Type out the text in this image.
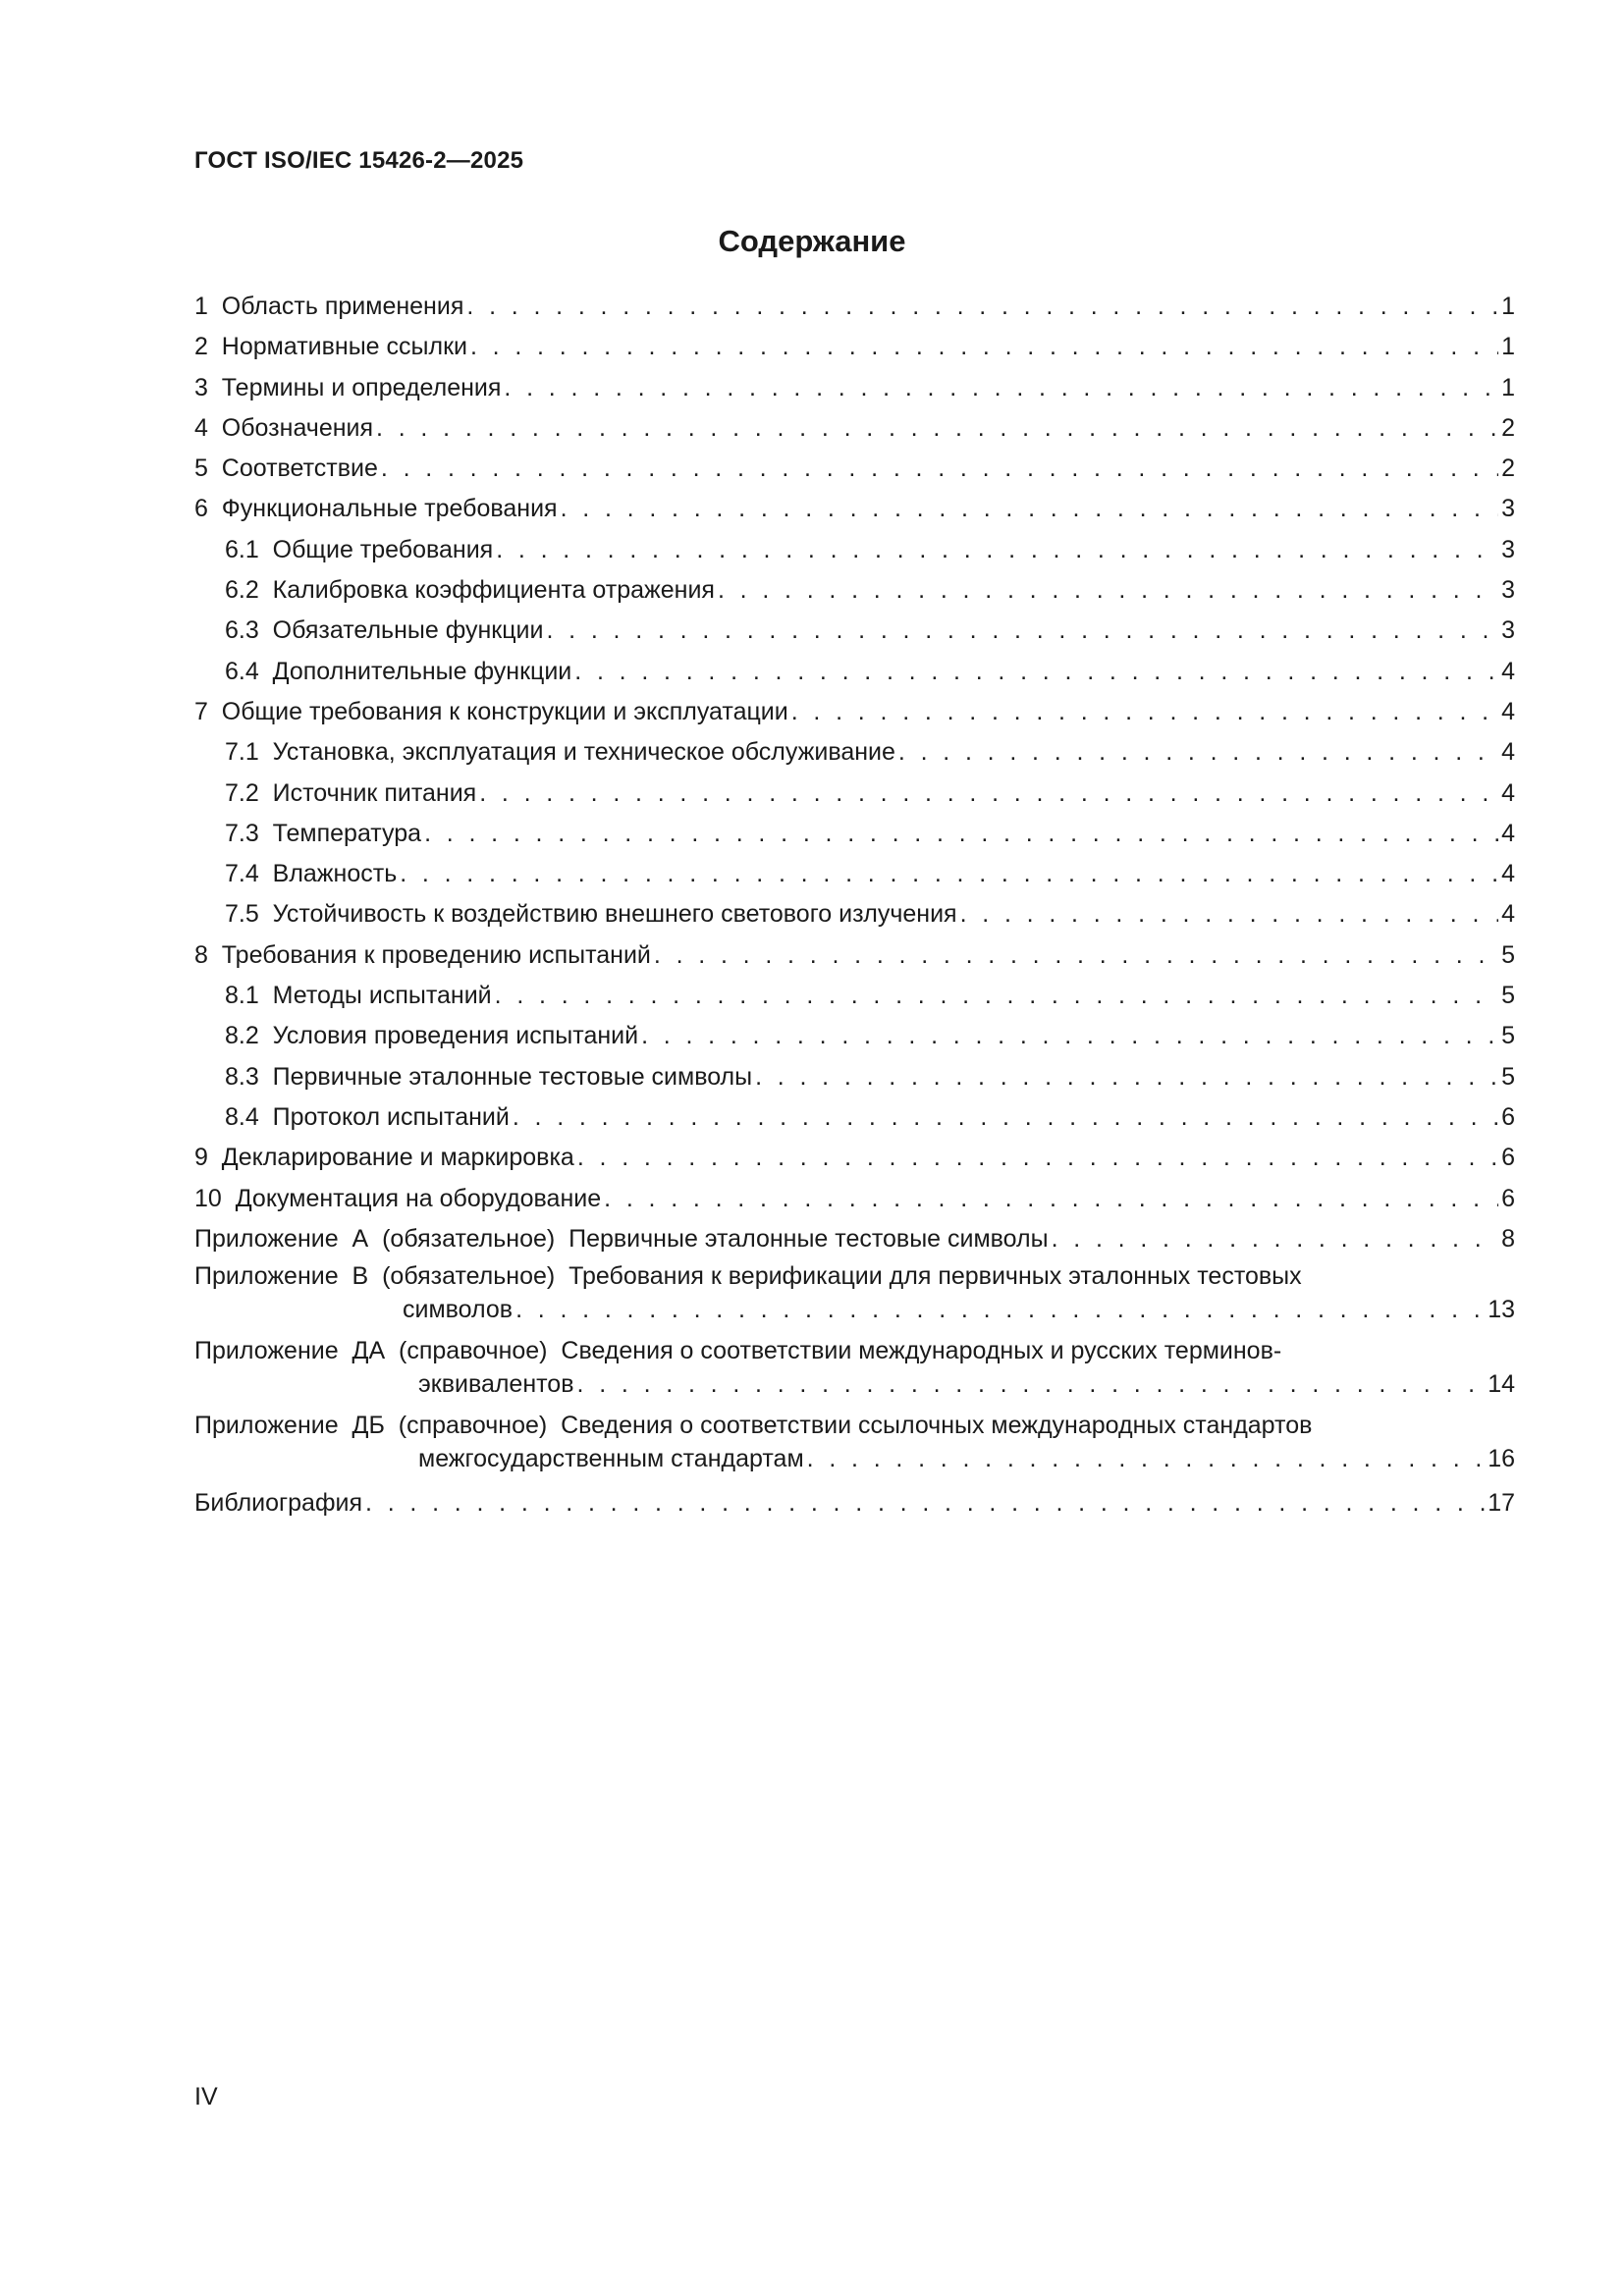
ГОСТ ISO/IEC 15426-2—2025
Содержание
1  Область применения . . .	1
2  Нормативные ссылки . . .	1
3  Термины и определения . . .	1
4  Обозначения . . .	2
5  Соответствие . . .	2
6  Функциональные требования . . .	3
6.1  Общие требования . . .	3
6.2  Калибровка коэффициента отражения . . .	3
6.3  Обязательные функции . . .	3
6.4  Дополнительные функции . . .	4
7  Общие требования к конструкции и эксплуатации . . .	4
7.1  Установка, эксплуатация и техническое обслуживание . . .	4
7.2  Источник питания . . .	4
7.3  Температура . . .	4
7.4  Влажность . . .	4
7.5  Устойчивость к воздействию внешнего светового излучения . . .	4
8  Требования к проведению испытаний . . .	5
8.1  Методы испытаний . . .	5
8.2  Условия проведения испытаний . . .	5
8.3  Первичные эталонные тестовые символы . . .	5
8.4  Протокол испытаний . . .	6
9  Декларирование и маркировка . . .	6
10  Документация на оборудование . . .	6
Приложение  А  (обязательное)  Первичные эталонные тестовые символы . . .	8
Приложение  В  (обязательное)  Требования к верификации для первичных эталонных тестовых
символов . . .	13
Приложение  ДА  (справочное)  Сведения о соответствии международных и русских терминов-
эквивалентов . . .	14
Приложение  ДБ  (справочное)  Сведения о соответствии ссылочных международных стандартов
межгосударственным стандартам . . .	16
Библиография . . .	17
IV
